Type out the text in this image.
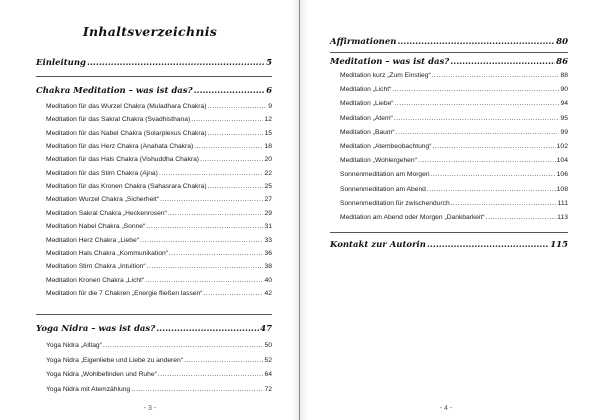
Inhaltsverzeichnis
Einleitung .....	5
Chakra Meditation – was ist das? .....	6
Meditation für das Wurzel Chakra (Muladhara Chakra) .....	9
Meditation für das Sakral Chakra (Svadhisthana) .....	12
Meditation für das Nabel Chakra (Solarplexus Chakra) .....	15
Meditation für das Herz Chakra (Anahata Chakra) .....	18
Meditation für das Hals Chakra (Vishuddha Chakra) .....	20
Meditation für das Stirn Chakra (Ajna) .....	22
Meditation für das Kronen Chakra (Sahasrara Chakra) .....	25
Meditation Wurzel Chakra „Sicherheit“ .....	27
Meditation Sakral Chakra „Heckenrosen“ .....	29
Meditation Nabel Chakra „Sonne“ .....	31
Meditation Herz Chakra „Liebe“ .....	33
Meditation Hals Chakra „Kommunikation“ .....	36
Meditation Stirn Chakra „Intuition“ .....	38
Meditation Kronen Chakra „Licht“ .....	40
Meditation für die 7 Chakren „Energie fließen lassen“ .....	42
Yoga Nidra – was ist das? .....	47
Yoga Nidra „Alltag“ .....	50
Yoga Nidra „Eigenliebe und Liebe zu anderen“ .....	52
Yoga Nidra „Wohlbefinden und Ruhe“ .....	64
Yoga Nidra mit Atemzählung .....	72
- 3 -
Affirmationen .....	80
Meditation – was ist das? .....	86
Meditation kurz „Zum Einstieg“ .....	88
Meditation „Licht“ .....	90
Meditation „Liebe“ .....	94
Meditation „Atem“ .....	95
Meditation „Baum“ .....	99
Meditation „Atembeobachtung“ .....	102
Meditation „Wohlergehen“ .....	104
Sonnenmeditation am Morgen .....	106
Sonnenmeditation am Abend .....	108
Sonnenmeditation für zwischendurch .....	111
Meditation am Abend oder Morgen „Dankbarkeit“ .....	113
Kontakt zur Autorin .....	115
- 4 -
